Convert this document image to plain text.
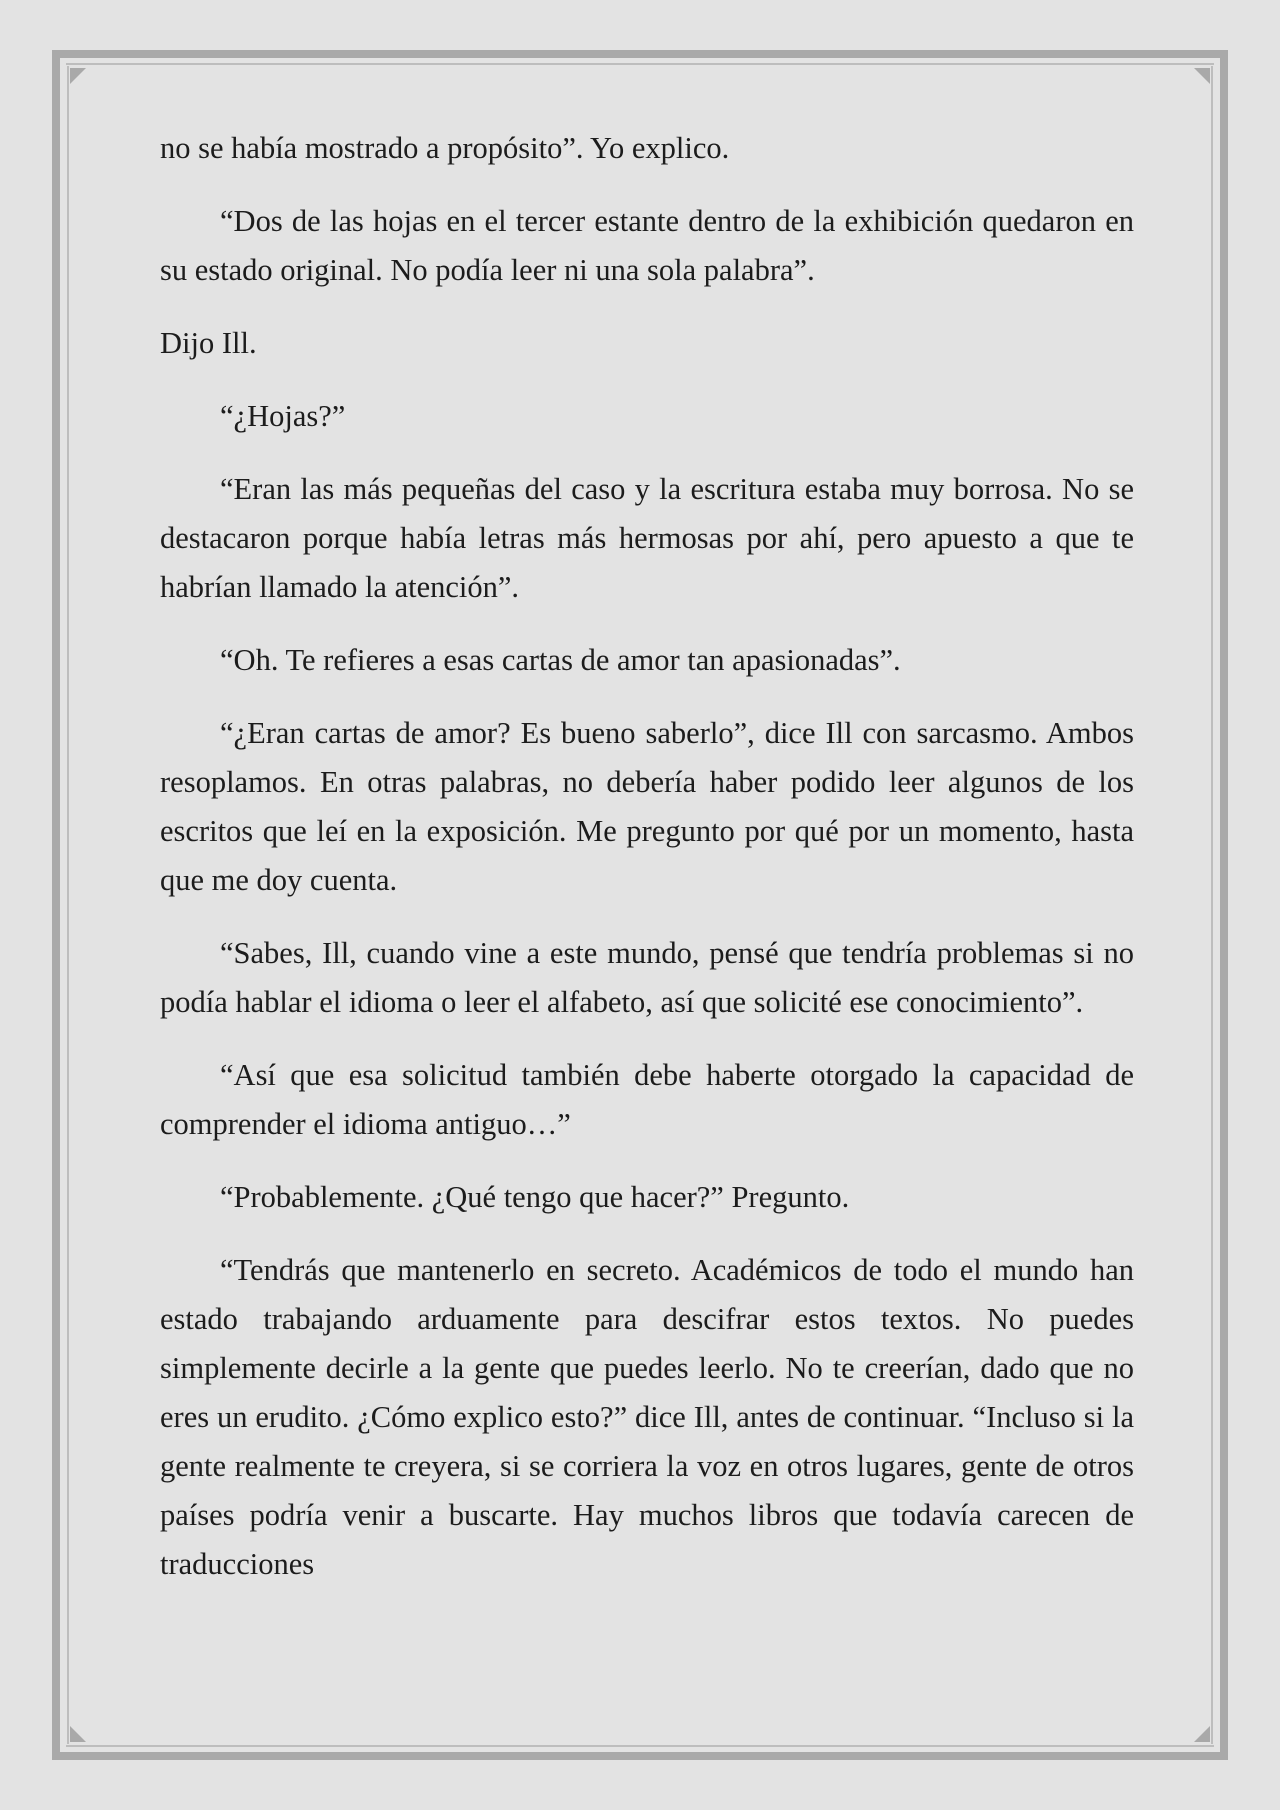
no se había mostrado a propósito”. Yo explico.

“Dos de las hojas en el tercer estante dentro de la exhibición quedaron en su estado original. No podía leer ni una sola palabra”.

Dijo Ill.

“¿Hojas?”

“Eran las más pequeñas del caso y la escritura estaba muy borrosa. No se destacaron porque había letras más hermosas por ahí, pero apuesto a que te habrían llamado la atención”.

“Oh. Te refieres a esas cartas de amor tan apasionadas”.

“¿Eran cartas de amor? Es bueno saberlo”, dice Ill con sarcasmo. Ambos resoplamos. En otras palabras, no debería haber podido leer algunos de los escritos que leí en la exposición. Me pregunto por qué por un momento, hasta que me doy cuenta.

“Sabes, Ill, cuando vine a este mundo, pensé que tendría problemas si no podía hablar el idioma o leer el alfabeto, así que solicité ese conocimiento”.

“Así que esa solicitud también debe haberte otorgado la capacidad de comprender el idioma antiguo…”

“Probablemente. ¿Qué tengo que hacer?” Pregunto.

“Tendrás que mantenerlo en secreto. Académicos de todo el mundo han estado trabajando arduamente para descifrar estos textos. No puedes simplemente decirle a la gente que puedes leerlo. No te creerían, dado que no eres un erudito. ¿Cómo explico esto?” dice Ill, antes de continuar. “Incluso si la gente realmente te creyera, si se corriera la voz en otros lugares, gente de otros países podría venir a buscarte. Hay muchos libros que todavía carecen de traducciones
